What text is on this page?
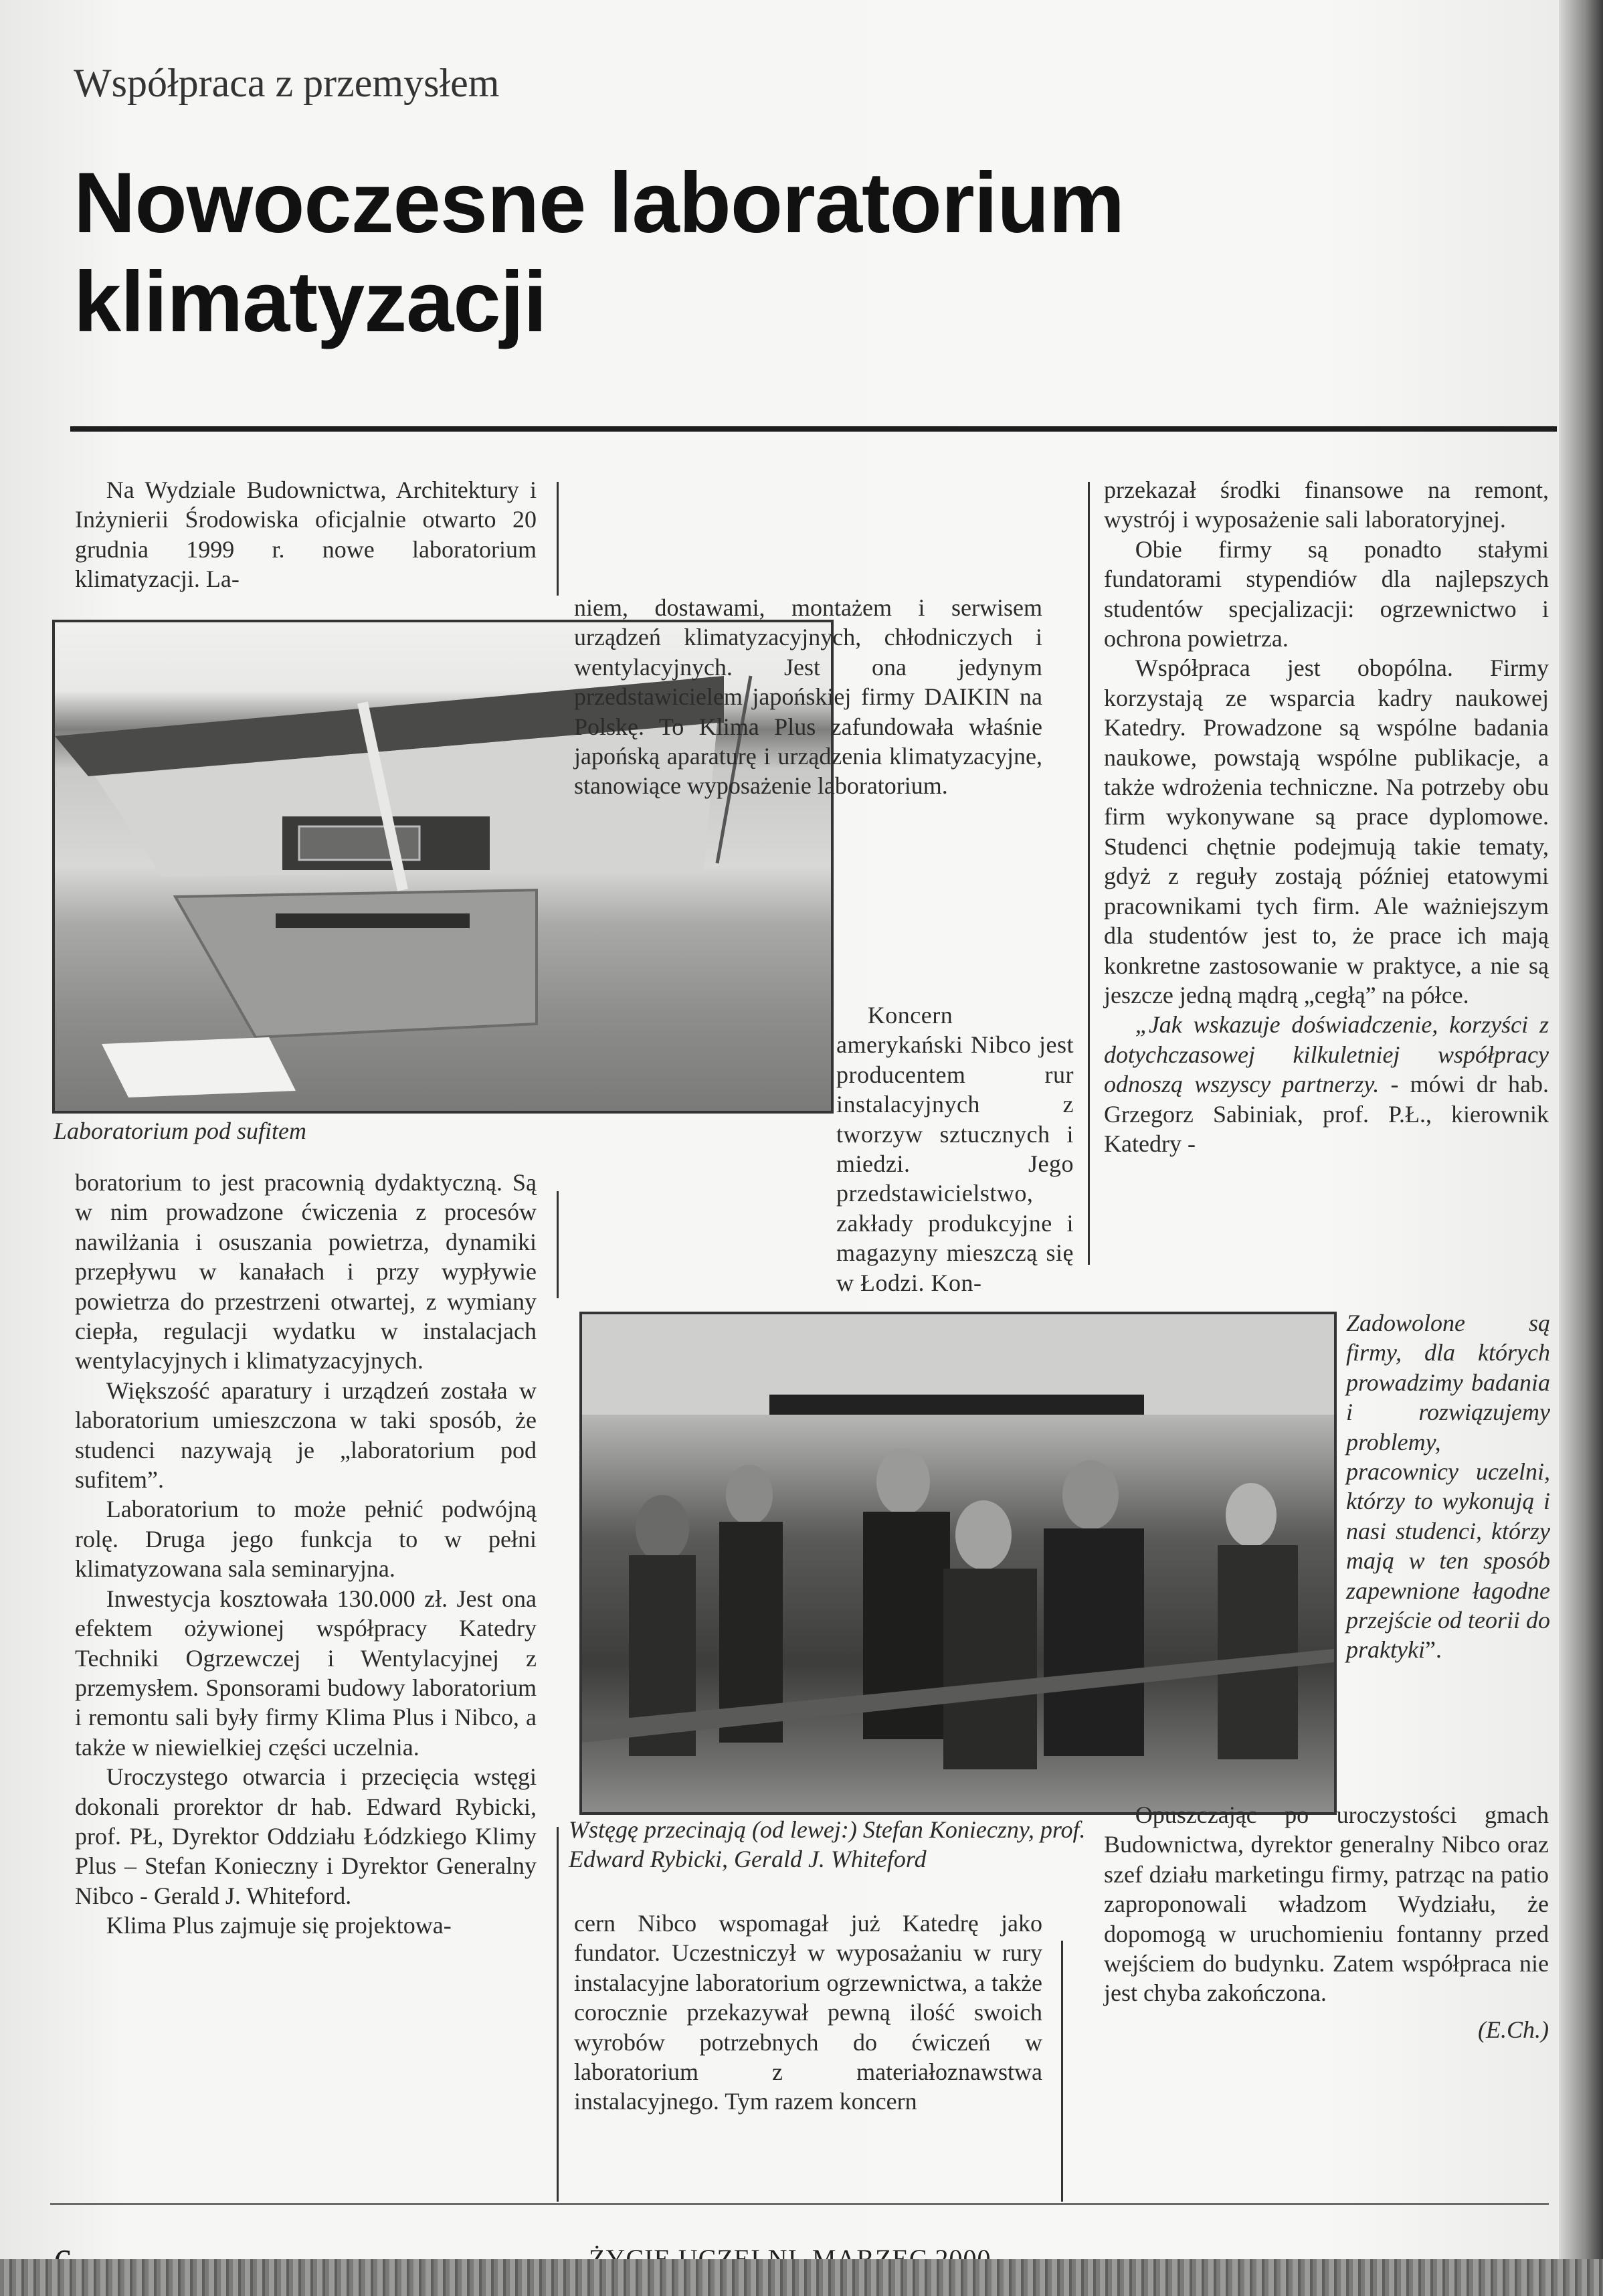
Współpraca z przemysłem
Nowoczesne laboratorium
klimatyzacji
Laboratorium pod sufitem
Wstęgę przecinają (od lewej:) Stefan Konieczny, prof. Edward Rybicki, Gerald J. Whiteford

Na Wydziale Budownictwa, Architektury i Inżynierii Środowiska oficjalnie otwarto 20 grudnia 1999 r. nowe laboratorium klimatyzacji. La-

boratorium to jest pracownią dydaktyczną. Są w nim prowadzone ćwiczenia z procesów nawilżania i osuszania powietrza, dynamiki przepływu w kanałach i przy wypływie powietrza do przestrzeni otwartej, z wymiany ciepła, regulacji wydatku w instalacjach wentylacyjnych i klimatyzacyjnych.

Większość aparatury i urządzeń została w laboratorium umieszczona w taki sposób, że studenci nazywają je „laboratorium pod sufitem”.

Laboratorium to może pełnić podwójną rolę. Druga jego funkcja to w pełni klimatyzowana sala seminaryjna.

Inwestycja kosztowała 130.000 zł. Jest ona efektem ożywionej współpracy Katedry Techniki Ogrzewczej i Wentylacyjnej z przemysłem. Sponsorami budowy laboratorium i remontu sali były firmy Klima Plus i Nibco, a także w niewielkiej części uczelnia.

Uroczystego otwarcia i przecięcia wstęgi dokonali prorektor dr hab. Edward Rybicki, prof. PŁ, Dyrektor Oddziału Łódzkiego Klimy Plus – Stefan Konieczny i Dyrektor Generalny Nibco - Gerald J. Whiteford.

Klima Plus zajmuje się projektowa-

niem, dostawami, montażem i serwisem urządzeń klimatyzacyjnych, chłodniczych i wentylacyjnych. Jest ona jedynym przedstawicielem japońskiej firmy DAIKIN na Polskę. To Klima Plus zafundowała właśnie japońską aparaturę i urządzenia klimatyzacyjne, stanowiące wyposażenie laboratorium.

Koncern amerykański Nibco jest producentem rur instalacyjnych z tworzyw sztucznych i miedzi. Jego przedstawicielstwo, zakłady produkcyjne i magazyny mieszczą się w Łodzi. Kon-

cern Nibco wspomagał już Katedrę jako fundator. Uczestniczył w wyposażaniu w rury instalacyjne laboratorium ogrzewnictwa, a także corocznie przekazywał pewną ilość swoich wyrobów potrzebnych do ćwiczeń w laboratorium z materiałoznawstwa instalacyjnego. Tym razem koncern

przekazał środki finansowe na remont, wystrój i wyposażenie sali laboratoryjnej.

Obie firmy są ponadto stałymi fundatorami stypendiów dla najlepszych studentów specjalizacji: ogrzewnictwo i ochrona powietrza.

Współpraca jest obopólna. Firmy korzystają ze wsparcia kadry naukowej Katedry. Prowadzone są wspólne badania naukowe, powstają wspólne publikacje, a także wdrożenia techniczne. Na potrzeby obu firm wykonywane są prace dyplomowe. Studenci chętnie podejmują takie tematy, gdyż z reguły zostają później etatowymi pracownikami tych firm. Ale ważniejszym dla studentów jest to, że prace ich mają konkretne zastosowanie w praktyce, a nie są jeszcze jedną mądrą „cegłą” na półce.

„Jak wskazuje doświadczenie, korzyści z dotychczasowej kilkuletniej współpracy odnoszą wszyscy partnerzy. - mówi dr hab. Grzegorz Sabiniak, prof. P.Ł., kierownik Katedry -

Zadowolone są firmy, dla których prowadzimy badania i rozwiązujemy problemy, pracownicy uczelni, którzy to wykonują i nasi studenci, którzy mają w ten sposób zapewnione łagodne przejście od teorii do praktyki”.

Opuszczając po uroczystości gmach Budownictwa, dyrektor generalny Nibco oraz szef działu marketingu firmy, patrząc na patio zaproponowali władzom Wydziału, że dopomogą w uruchomieniu fontanny przed wejściem do budynku. Zatem współpraca nie jest chyba zakończona.

(E.Ch.)
